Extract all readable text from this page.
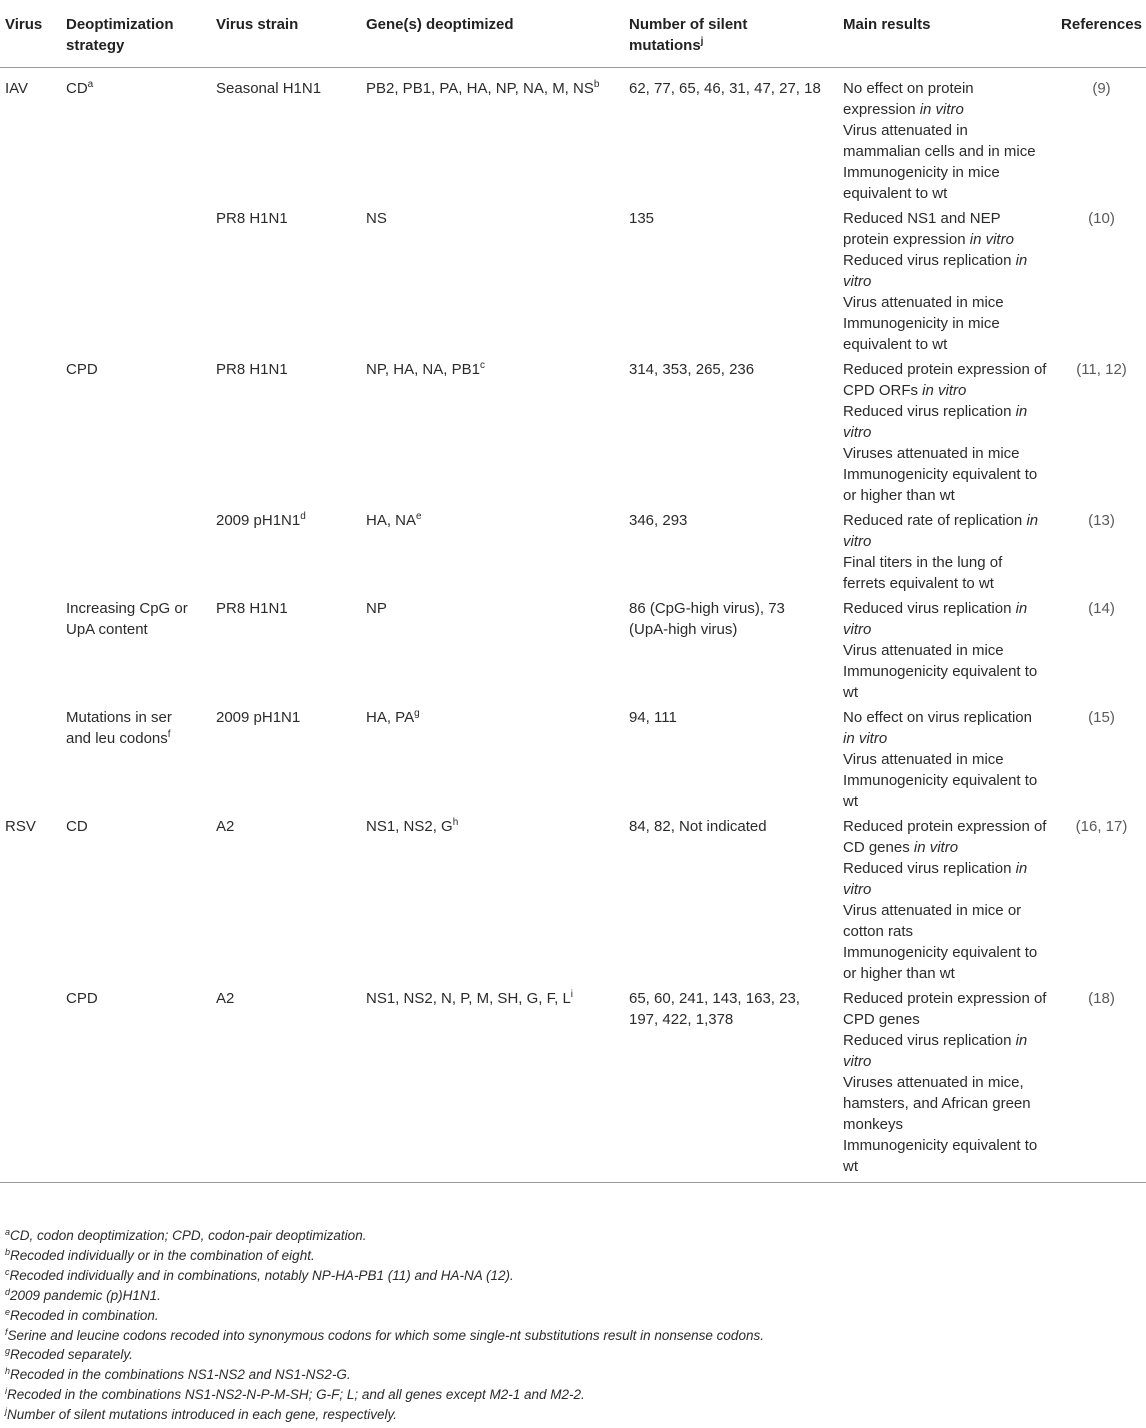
	Virus	Deoptimization strategy	Virus strain	Gene(s) deoptimized	Number of silent mutations$^j$	Main results	References
	IAV	$CD^a$	Seasonal H1N1	PB2, PB1, PA, HA, NP, NA, M, $NS^b$	62, 77, 65, 46, 31, 47, 27, 18	No effect on protein expression in vitro
Virus attenuated in mammalian cells and in mice
Immunogenicity in mice equivalent to wt	(9)
			PR8 H1N1	NS	135	Reduced NS1 and NEP protein expression in vitro
Reduced virus replication in vitro
Virus attenuated in mice
Immunogenicity in mice equivalent to wt	(10)
		CPD	PR8 H1N1	NP, HA, NA, PB1$^c$	314, 353, 265, 236	Reduced protein expression of CPD ORFs in vitro
Reduced virus replication in vitro
Viruses attenuated in mice
Immunogenicity equivalent to or higher than wt	(11, 12)
			2009 pH1N1$^d$	HA, $NA^e$	346, 293	Reduced rate of replication in vitro
Final titers in the lung of ferrets equivalent to wt	(13)
		Increasing CpG or UpA content	PR8 H1N1	NP	86 (CpG-high virus), 73 (UpA-high virus)	Reduced virus replication in vitro
Virus attenuated in mice
Immunogenicity equivalent to wt	(14)
		Mutations in ser and leu codons$^f$	2009 pH1N1	HA, $PA^g$	94, 111	No effect on virus replication in vitro
Virus attenuated in mice
Immunogenicity equivalent to wt	(15)
	RSV	CD	A2	NS1, NS2, $G^h$	84, 82, Not indicated	Reduced protein expression of CD genes in vitro
Reduced virus replication in vitro
Virus attenuated in mice or cotton rats
Immunogenicity equivalent to or higher than wt	(16, 17)
		CPD	A2	NS1, NS2, N, P, M, SH, G, F, $L^i$	65, 60, 241, 143, 163, 23, 197, 422, 1,378	Reduced protein expression of CPD genes
Reduced virus replication in vitro
Viruses attenuated in mice, hamsters, and African green monkeys
Immunogenicity equivalent to wt	(18)
$^a$CD, codon deoptimization; CPD, codon-pair deoptimization.
$^b$Recoded individually or in the combination of eight.
$^c$Recoded individually and in combinations, notably NP-HA-PB1 (11) and HA-NA (12).
$^d$2009 pandemic (p)H1N1.
$^e$Recoded in combination.
$^f$Serine and leucine codons recoded into synonymous codons for which some single-nt substitutions result in nonsense codons.
$^g$Recoded separately.
$^h$Recoded in the combinations NS1-NS2 and NS1-NS2-G.
$^i$Recoded in the combinations NS1-NS2-N-P-M-SH; G-F; L; and all genes except M2-1 and M2-2.
$^j$Number of silent mutations introduced in each gene, respectively.
